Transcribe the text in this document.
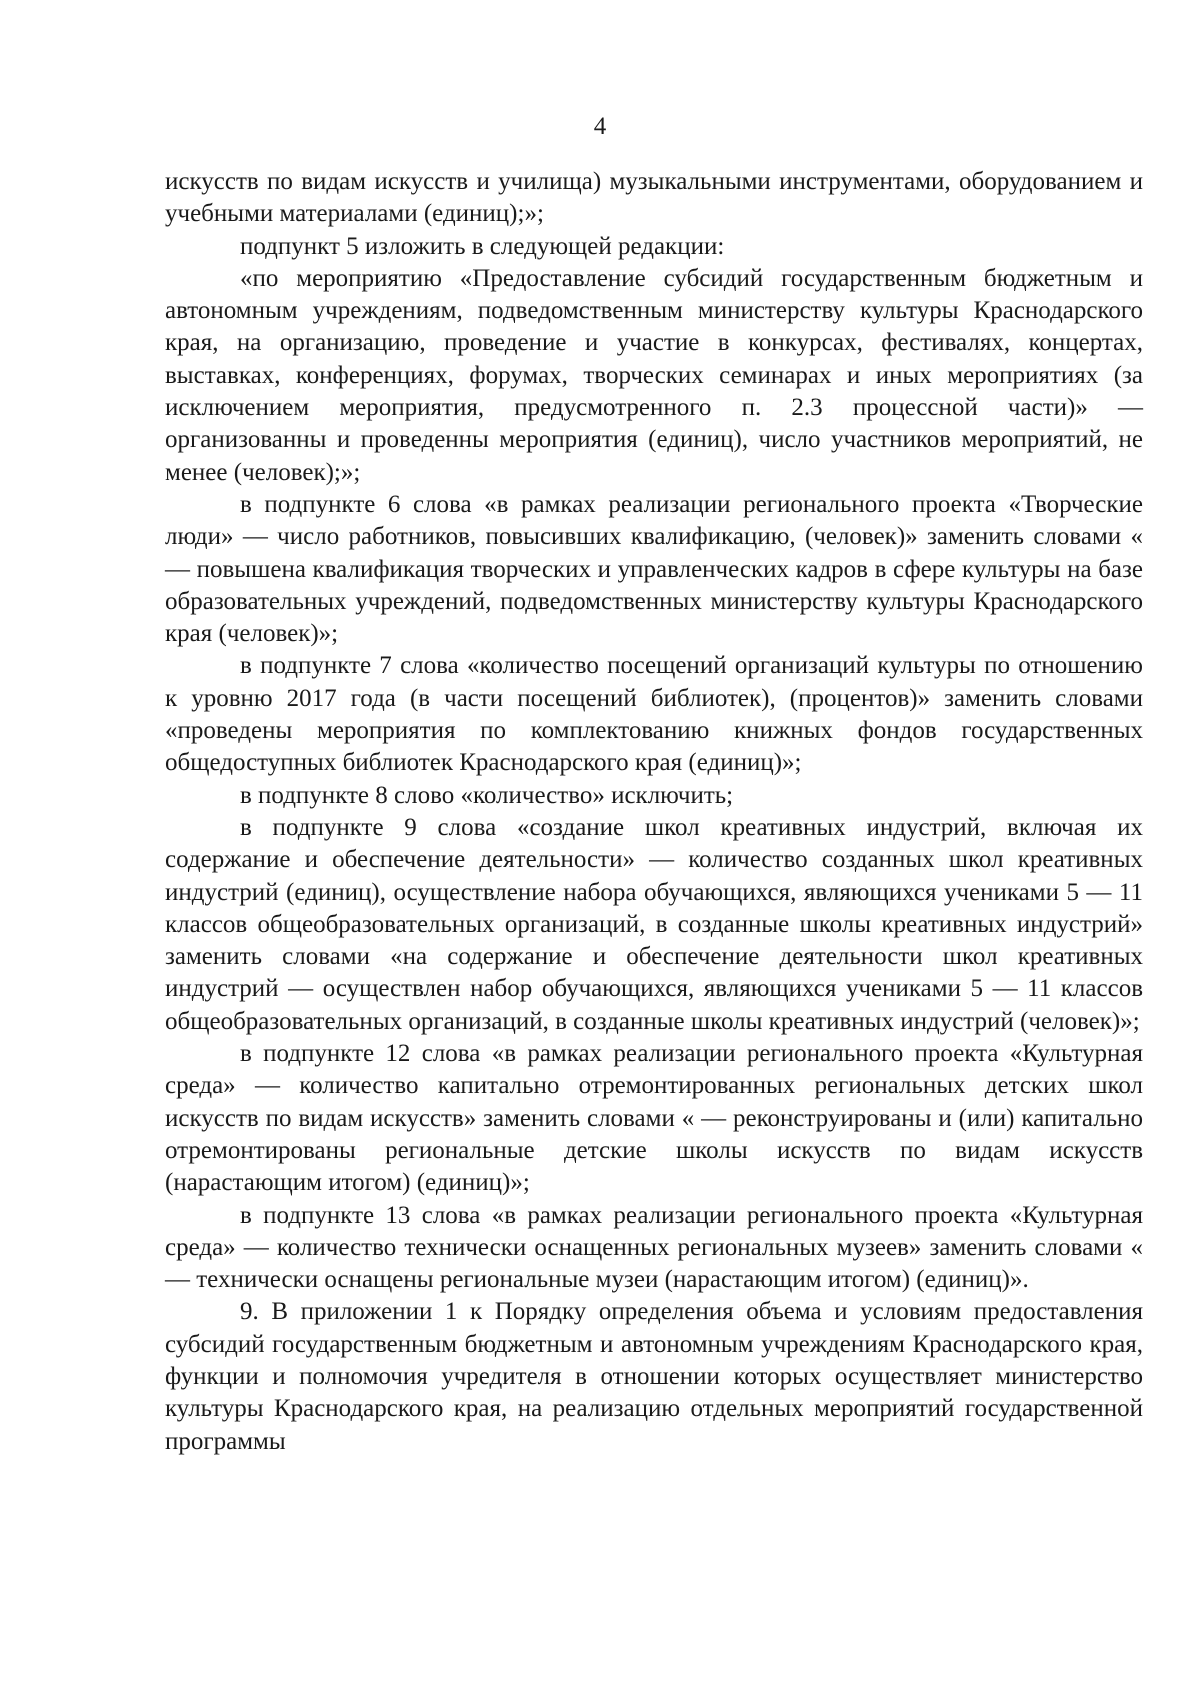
4

искусств по видам искусств и училища) музыкальными инструментами, оборудованием и учебными материалами (единиц);»;

подпункт 5 изложить в следующей редакции:

«по мероприятию «Предоставление субсидий государственным бюджетным и автономным учреждениям, подведомственным министерству культуры Краснодарского края, на организацию, проведение и участие в конкурсах, фестивалях, концертах, выставках, конференциях, форумах, творческих семинарах и иных мероприятиях (за исключением мероприятия, предусмотренного п. 2.3 процессной части)» — организованны и проведенны мероприятия (единиц), число участников мероприятий, не менее (человек);»;

в подпункте 6 слова «в рамках реализации регионального проекта «Творческие люди» — число работников, повысивших квалификацию, (человек)» заменить словами « — повышена квалификация творческих и управленческих кадров в сфере культуры на базе образовательных учреждений, подведомственных министерству культуры Краснодарского края (человек)»;

в подпункте 7 слова «количество посещений организаций культуры по отношению к уровню 2017 года (в части посещений библиотек), (процентов)» заменить словами «проведены мероприятия по комплектованию книжных фондов государственных общедоступных библиотек Краснодарского края (единиц)»;

в подпункте 8 слово «количество» исключить;

в подпункте 9 слова «создание школ креативных индустрий, включая их содержание и обеспечение деятельности» — количество созданных школ креативных индустрий (единиц), осуществление набора обучающихся, являющихся учениками 5 — 11 классов общеобразовательных организаций, в созданные школы креативных индустрий» заменить словами «на содержание и обеспечение деятельности школ креативных индустрий — осуществлен набор обучающихся, являющихся учениками 5 — 11 классов общеобразовательных организаций, в созданные школы креативных индустрий (человек)»;

в подпункте 12 слова «в рамках реализации регионального проекта «Культурная среда» — количество капитально отремонтированных региональных детских школ искусств по видам искусств» заменить словами « — реконструированы и (или) капитально отремонтированы региональные детские школы искусств по видам искусств (нарастающим итогом) (единиц)»;

в подпункте 13 слова «в рамках реализации регионального проекта «Культурная среда» — количество технически оснащенных региональных музеев» заменить словами « — технически оснащены региональные музеи (нарастающим итогом) (единиц)».

9. В приложении 1 к Порядку определения объема и условиям предоставления субсидий государственным бюджетным и автономным учреждениям Краснодарского края, функции и полномочия учредителя в отношении которых осуществляет министерство культуры Краснодарского края, на реализацию отдельных мероприятий государственной программы
